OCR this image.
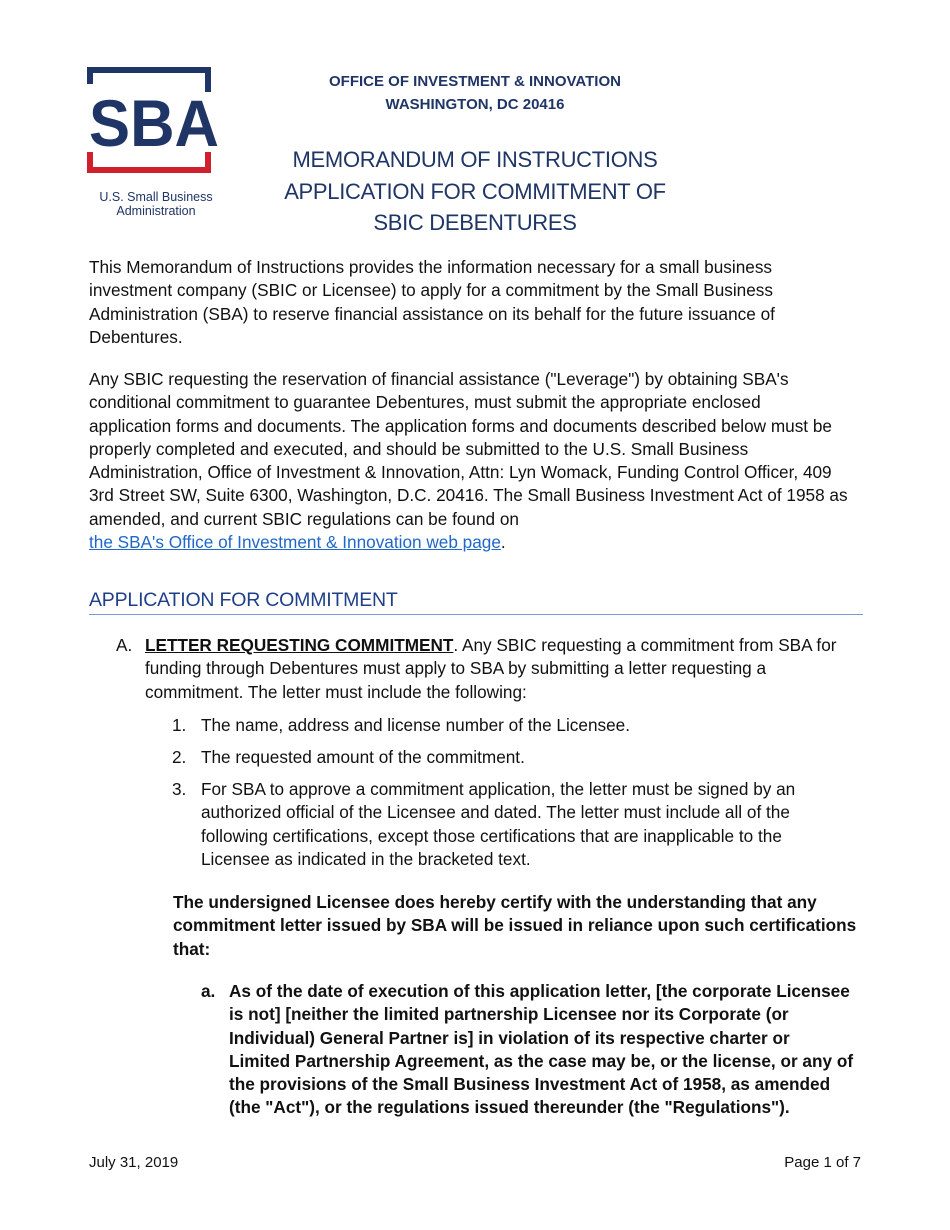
SBA
U.S. Small Business
Administration
OFFICE OF INVESTMENT & INNOVATION
WASHINGTON, DC 20416
MEMORANDUM OF INSTRUCTIONS
APPLICATION FOR COMMITMENT OF
SBIC DEBENTURES
This Memorandum of Instructions provides the information necessary for a small business
investment company (SBIC or Licensee) to apply for a commitment by the Small Business
Administration (SBA) to reserve financial assistance on its behalf for the future issuance of
Debentures.
Any SBIC requesting the reservation of financial assistance ("Leverage") by obtaining SBA's
conditional commitment to guarantee Debentures, must submit the appropriate enclosed
application forms and documents. The application forms and documents described below must be
properly completed and executed, and should be submitted to the U.S. Small Business
Administration, Office of Investment & Innovation, Attn: Lyn Womack, Funding Control Officer, 409
3rd Street SW, Suite 6300, Washington, D.C. 20416. The Small Business Investment Act of 1958 as
amended, and current SBIC regulations can be found on
the SBA's Office of Investment & Innovation web page.
APPLICATION FOR COMMITMENT
A. LETTER REQUESTING COMMITMENT. Any SBIC requesting a commitment from SBA for
funding through Debentures must apply to SBA by submitting a letter requesting a
commitment. The letter must include the following:
1. The name, address and license number of the Licensee.
2. The requested amount of the commitment.
3. For SBA to approve a commitment application, the letter must be signed by an
authorized official of the Licensee and dated. The letter must include all of the
following certifications, except those certifications that are inapplicable to the
Licensee as indicated in the bracketed text.
The undersigned Licensee does hereby certify with the understanding that any
commitment letter issued by SBA will be issued in reliance upon such certifications
that:
a. As of the date of execution of this application letter, [the corporate Licensee
is not] [neither the limited partnership Licensee nor its Corporate (or
Individual) General Partner is] in violation of its respective charter or
Limited Partnership Agreement, as the case may be, or the license, or any of
the provisions of the Small Business Investment Act of 1958, as amended
(the "Act"), or the regulations issued thereunder (the "Regulations").
July 31, 2019	Page 1 of 7
